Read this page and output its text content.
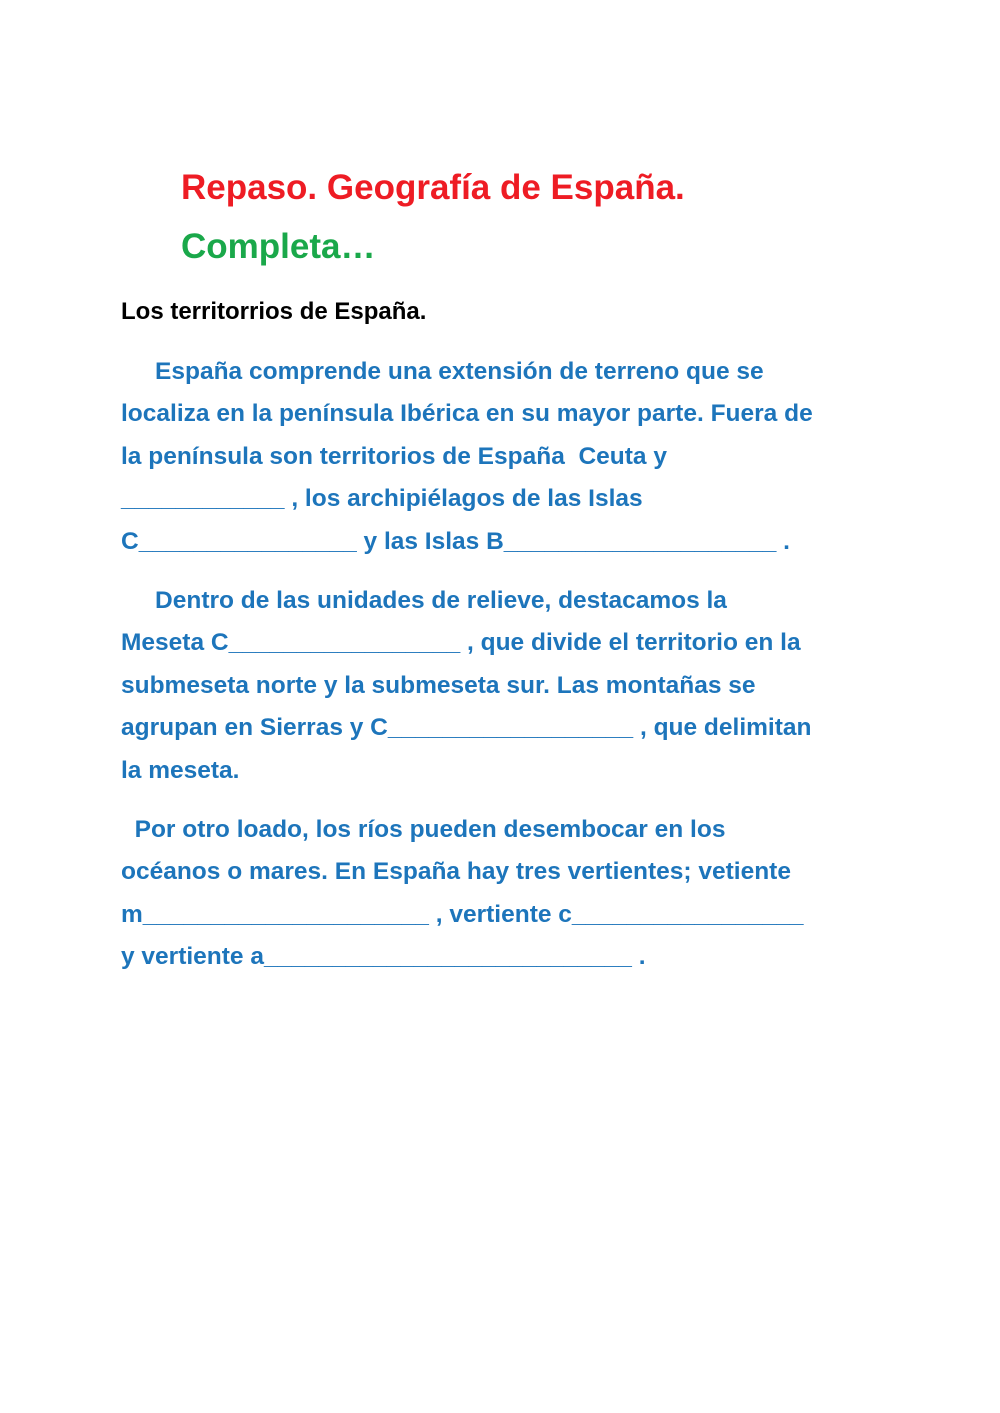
Repaso. Geografía de España.
Completa…
Los territorrios de España.
España comprende una extensión de terreno que se
localiza en la península Ibérica en su mayor parte. Fuera de
la península son territorios de España  Ceuta y
____________ , los archipiélagos de las Islas
C________________ y las Islas B____________________ .
Dentro de las unidades de relieve, destacamos la
Meseta C_________________ , que divide el territorio en la
submeseta norte y la submeseta sur. Las montañas se
agrupan en Sierras y C__________________ , que delimitan
la meseta.
Por otro loado, los ríos pueden desembocar en los
océanos o mares. En España hay tres vertientes; vetiente
m_____________________ , vertiente c_________________
y vertiente a___________________________ .
